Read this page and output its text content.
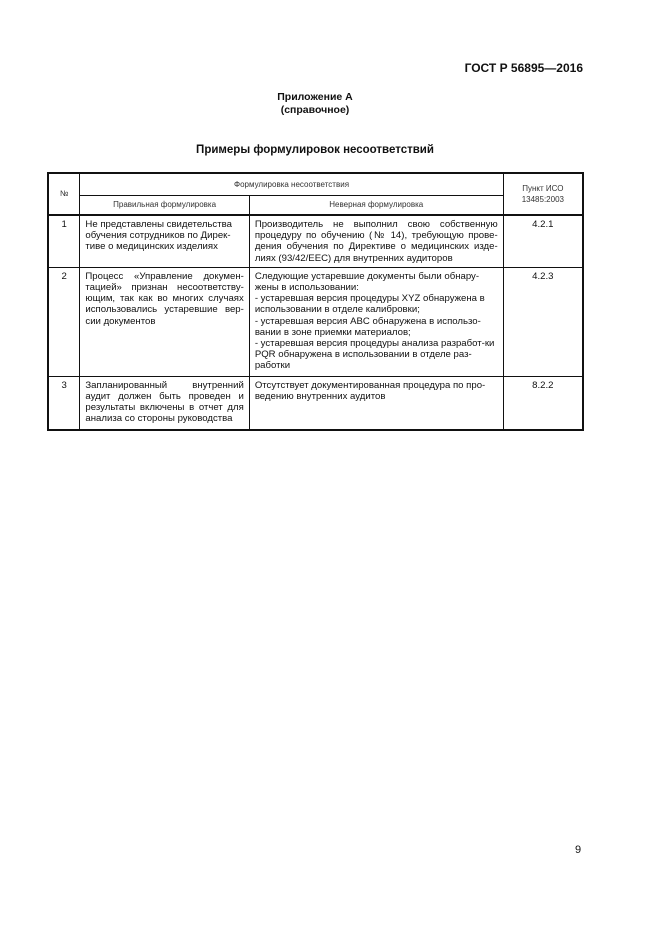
ГОСТ Р 56895—2016
Приложение А
(справочное)
Примеры формулировок несоответствий
№	Формулировка несоответствия		Пункт ИСО
13485:2003
	Правильная формулировка	Неверная формулировка	
1	Не представлены свидетельства обучения сотрудников по Дирек-тиве о медицинских изделиях	Производитель не выполнил свою собственную процедуру по обучению (№ 14), требующую прове-дения обучения по Директиве о медицинских изде-лиях (93/42/EEC) для внутренних аудиторов	4.2.1
2	Процесс «Управление докумен-тацией» признан несоответству-ющим, так как во многих случаях использовались устаревшие вер-сии документов	Следующие устаревшие документы были обнару-жены в использовании:
- устаревшая версия процедуры XYZ обнаружена в использовании в отделе калибровки;
- устаревшая версия ABC обнаружена в использо-вании в зоне приемки материалов;
- устаревшая версия процедуры анализа разработ-ки PQR обнаружена в использовании в отделе раз-работки	4.2.3
3	Запланированный внутренний аудит должен быть проведен и результаты включены в отчет для анализа со стороны руководства	Отсутствует документированная процедура по про-ведению внутренних аудитов	8.2.2
9
